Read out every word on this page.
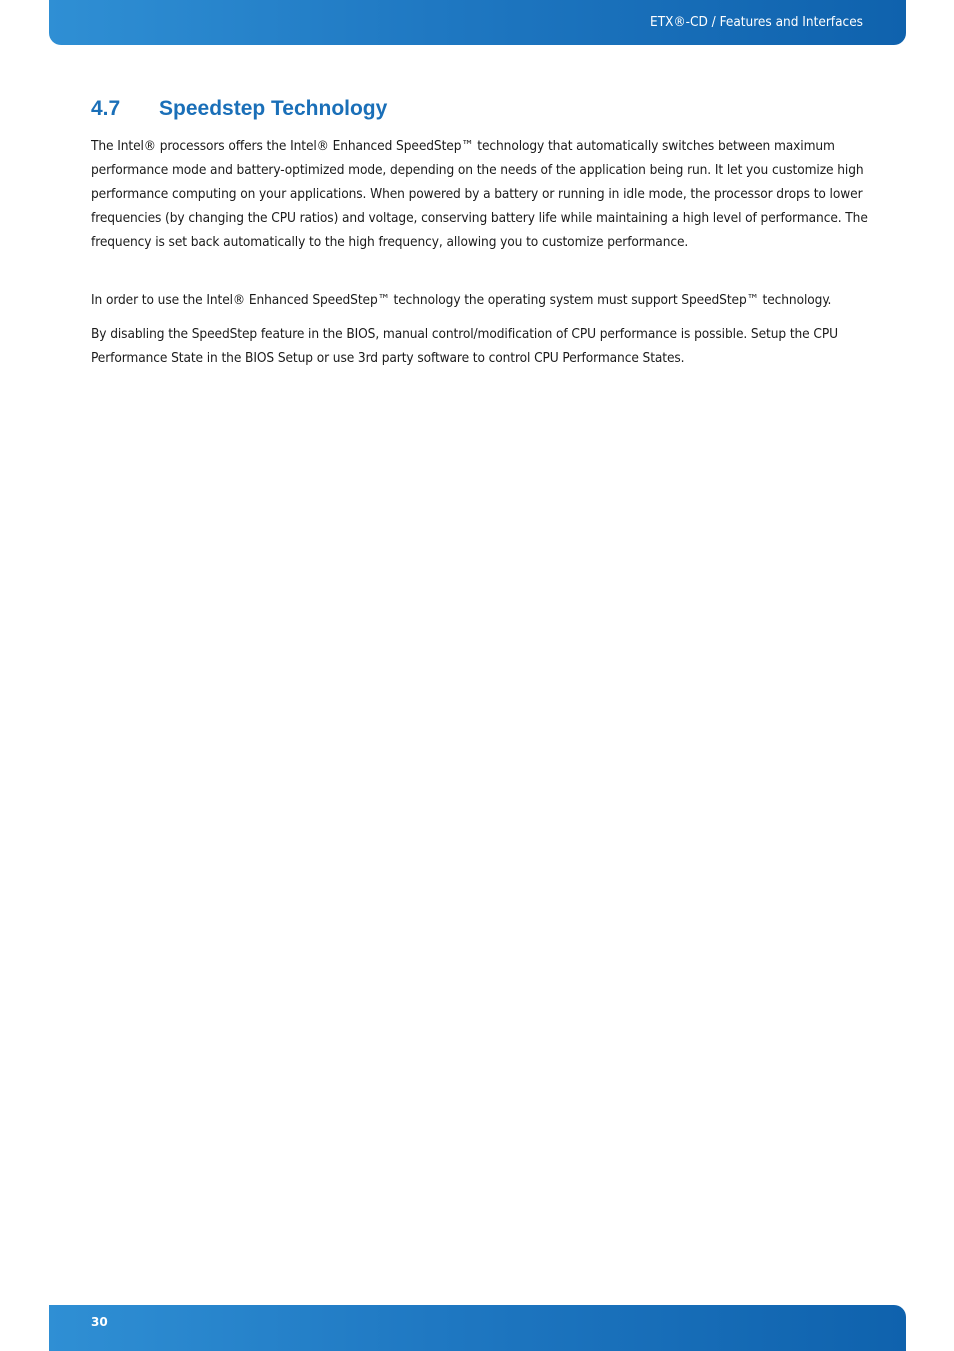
ETX®-CD / Features and Interfaces
4.7 Speedstep Technology

The Intel® processors offers the Intel® Enhanced SpeedStep™ technology that automatically switches between maximum performance mode and battery-optimized mode, depending on the needs of the application being run. It let you customize high performance computing on your applications. When powered by a battery or running in idle mode, the processor drops to lower frequencies (by changing the CPU ratios) and voltage, conserving battery life while maintaining a high level of performance. The frequency is set back automatically to the high frequency, allowing you to customize performance.

In order to use the Intel® Enhanced SpeedStep™ technology the operating system must support SpeedStep™ technology.

By disabling the SpeedStep feature in the BIOS, manual control/modification of CPU performance is possible. Setup the CPU Performance State in the BIOS Setup or use 3rd party software to control CPU Performance States.

30
